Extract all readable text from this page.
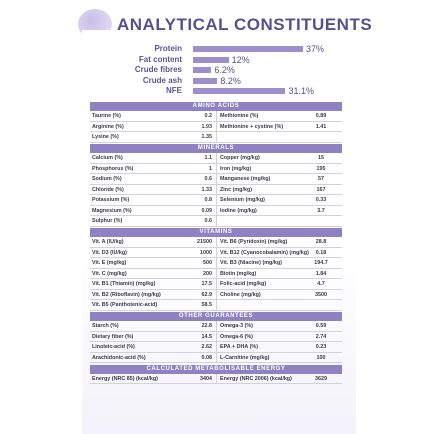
ANALYTICAL CONSTITUENTS
Protein	37%
Fat content	12%
Crude fibres	6.2%
Crude ash	8.2%
NFE	31.1%
AMINO ACIDS
Taurine (%)	0.2 Methionine (%)	0.89
Arginine (%)	1.93 Methionine + cystine (%)	1.41
Lysine (%)	1.35
MINERALS
Calcium (%)	1.1 Copper (mg/kg)	15
Phosphorus (%)	1 Iron (mg/kg)	195
Sodium (%)	0.6 Manganese (mg/kg)	57
Chloride (%)	1.33 Zinc (mg/kg)	167
Potassium (%)	0.8 Selenium (mg/kg)	0.33
Magnesium (%)	0.09 Iodine (mg/kg)	3.7
Sulphur (%)	0.6
VITAMINS
Vit. A (IU/kg)	21500 Vit. B6 (Pyridoxin) (mg/kg)	28.8
Vit. D3 (IU/kg)	1000 Vit. B12 (Cyanocobalamin) (mg/kg)	0.18
Vit. E (mg/kg)	500 Vit. B3 (Niacine) (mg/kg)	194.7
Vit. C (mg/kg)	200 Biotin (mg/kg)	1.84
Vit. B1 (Thiamin) (mg/kg)	17.5 Folic-acid (mg/kg)	4.7
Vit. B2 (Riboflavin) (mg/kg)	62.9 Choline (mg/kg)	3500
Vit. B5 (Panthotenic-acid)	58.5
OTHER GUARANTEES
Starch (%)	22.8 Omega-3 (%)	0.59
Dietary fiber (%)	14.5 Omega-6 (%)	2.74
Linoleic-acid (%)	2.62 EPA + DHA (%)	0.23
Arachidonic-acid (%)	0.08 L-Carnitine (mg/kg)	100
CALCULATED METABOLISABLE ENERGY
Energy (NRC 85) (kcal/kg)	3404 Energy (NRC 2006) (kcal/kg)	3629
